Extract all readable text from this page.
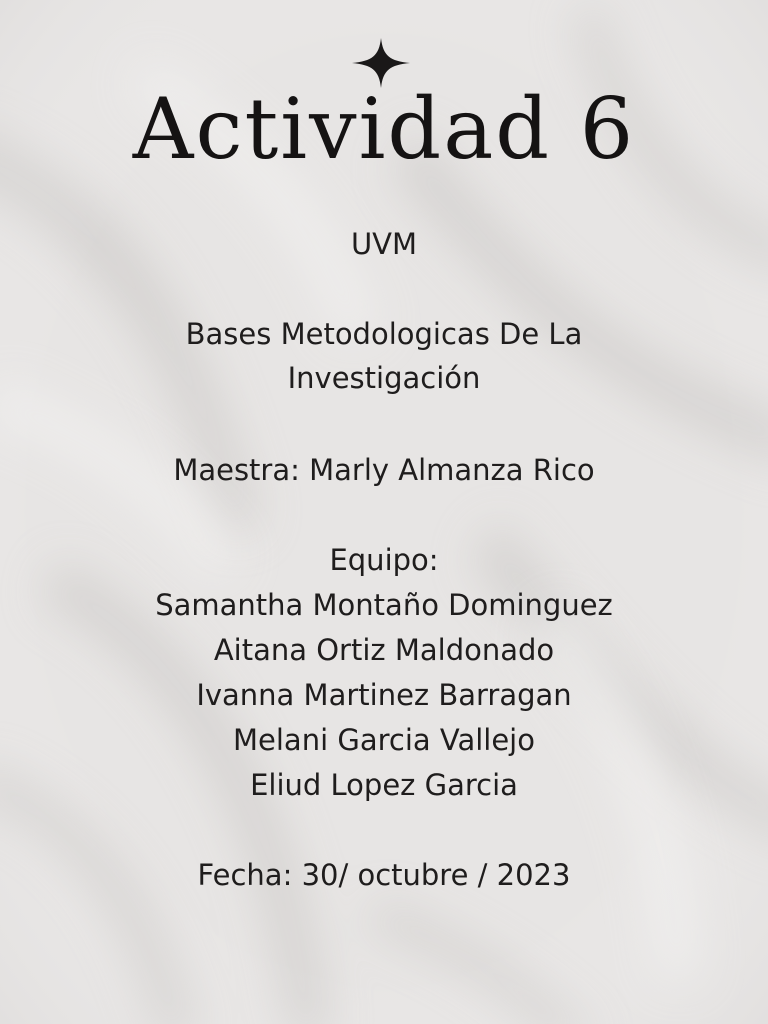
Actividad 6
UVM
Bases Metodologicas De La
Investigación
Maestra: Marly Almanza Rico
Equipo:
Samantha Montaño Dominguez
Aitana Ortiz Maldonado
Ivanna Martinez Barragan
Melani Garcia Vallejo
Eliud Lopez Garcia
Fecha: 30/ octubre / 2023
